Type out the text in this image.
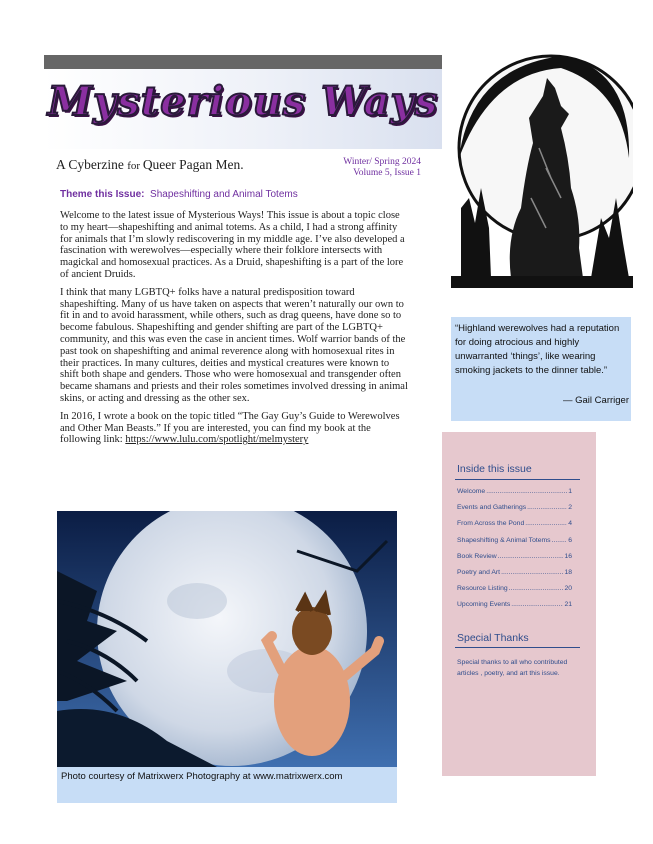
Mysterious Ways
A Cyberzine for Queer Pagan Men.	Winter/ Spring 2024
Volume 5, Issue 1
Theme this Issue: Shapeshifting and Animal Totems

Welcome to the latest issue of Mysterious Ways! This issue is about a topic close to my heart—shapeshifting and animal totems. As a child, I had a strong affinity for animals that I’m slowly rediscovering in my middle age. I’ve also developed a fascination with werewolves—especially where their folklore intersects with magickal and homosexual practices. As a Druid, shapeshifting is a part of the lore of ancient Druids.

I think that many LGBTQ+ folks have a natural predisposition toward shapeshifting. Many of us have taken on aspects that weren’t naturally our own to fit in and to avoid harassment, while others, such as drag queens, have done so to become fabulous. Shapeshifting and gender shifting are part of the LGBTQ+ community, and this was even the case in ancient times. Wolf warrior bands of the past took on shapeshifting and animal reverence along with homosexual rites in their practices. In many cultures, deities and mystical creatures were known to shift both shape and genders. Those who were homosexual and transgender often became shamans and priests and their roles sometimes involved dressing in animal skins, or acting and dressing as the other sex.

In 2016, I wrote a book on the topic titled “The Gay Guy’s Guide to Werewolves and Other Man Beasts.” If you are interested, you can find my book at the following link: https://www.lulu.com/spotlight/melmystery

Photo courtesy of Matrixwerx Photography at www.matrixwerx.com
“Highland werewolves had a reputation for doing atrocious and highly unwarranted ‘things’, like wearing smoking jackets to the dinner table.”
— Gail Carriger
Inside this issue
Welcome .....	1
Events and Gatherings .....	2
From Across the Pond .....	4
Shapeshifting & Animal Totems .....	6
Book Review .....	16
Poetry and Art .....	18
Resource Listing .....	20
Upcoming Events .....	21
Special Thanks
Special thanks to all who contributed articles , poetry, and art this issue.
